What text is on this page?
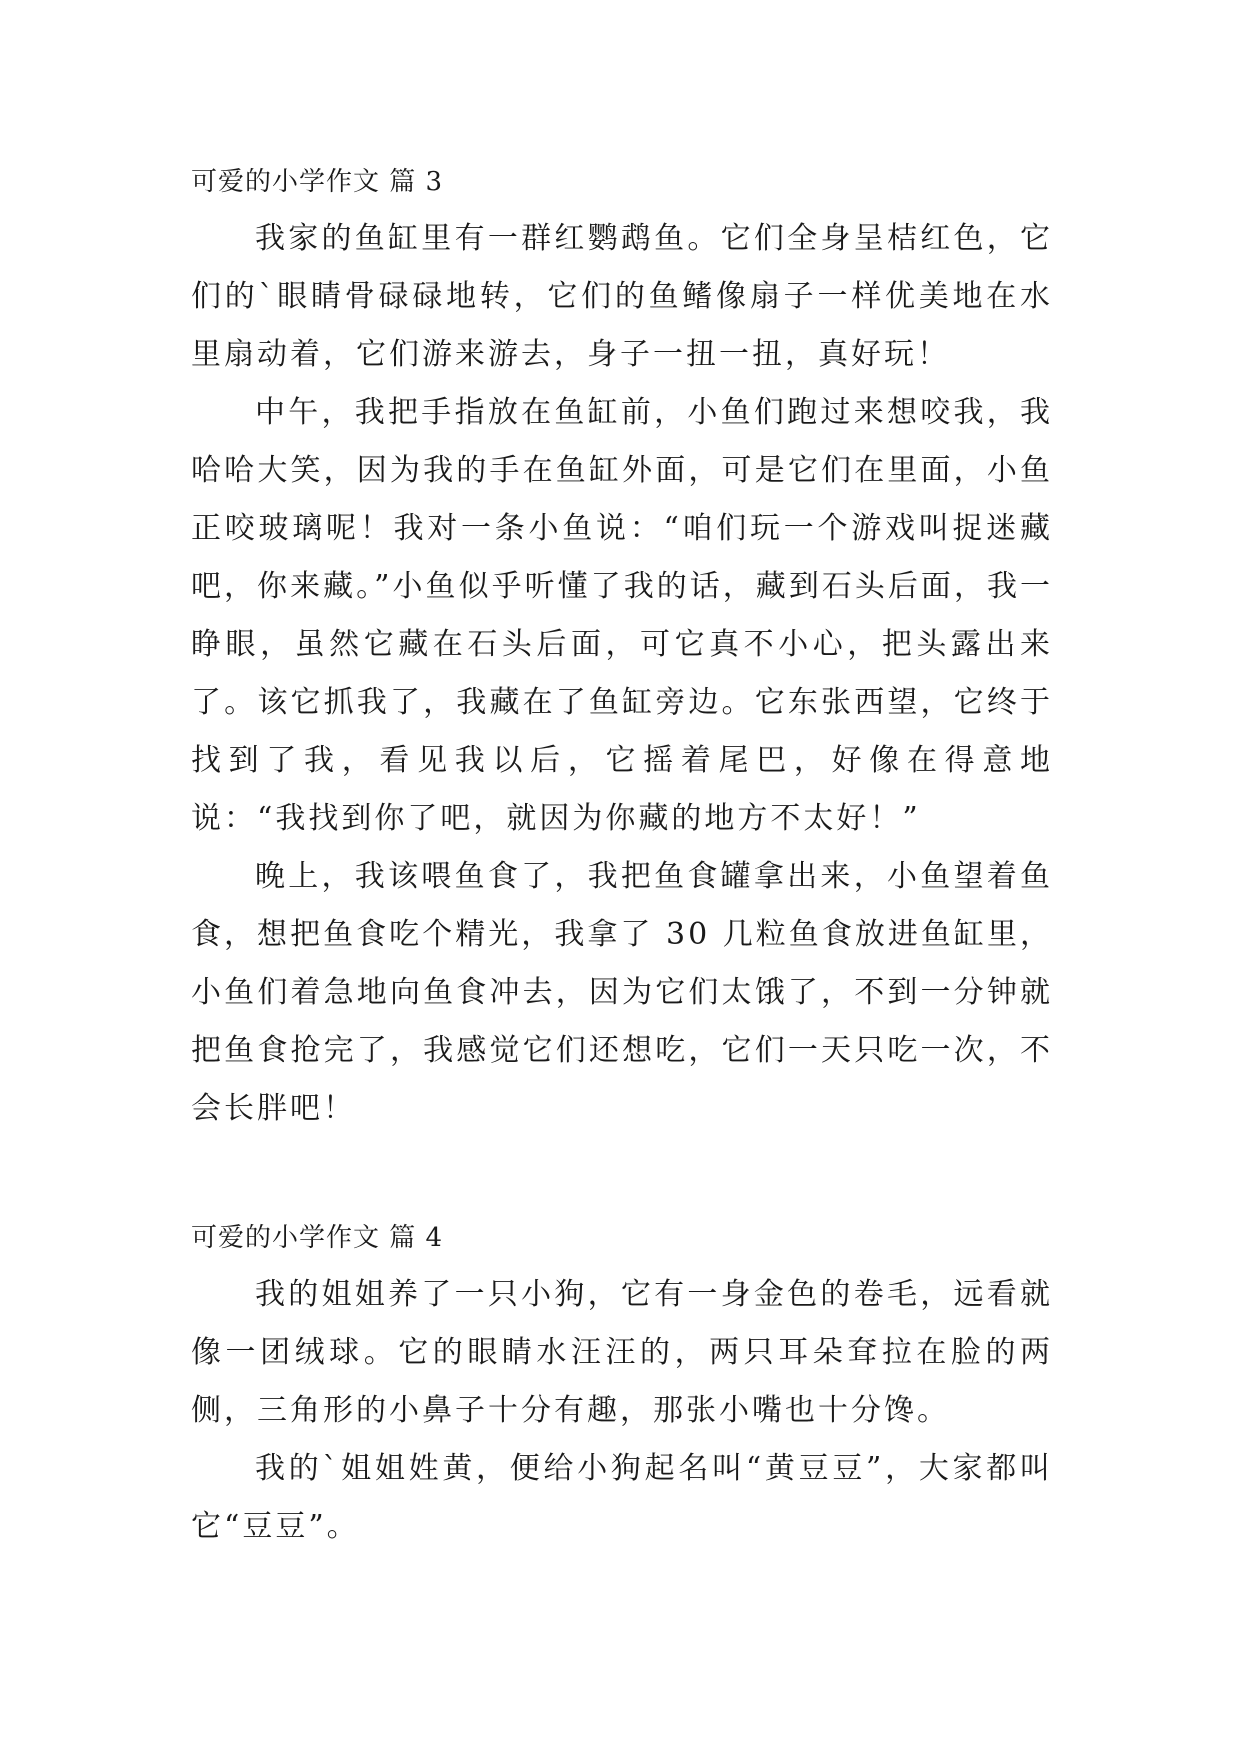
可爱的小学作文 篇 3

我家的鱼缸里有一群红鹦鹉鱼。它们全身呈桔红色，它们的`眼睛骨碌碌地转，它们的鱼鳍像扇子一样优美地在水里扇动着，它们游来游去，身子一扭一扭，真好玩！

中午，我把手指放在鱼缸前，小鱼们跑过来想咬我，我哈哈大笑，因为我的手在鱼缸外面，可是它们在里面，小鱼正咬玻璃呢！我对一条小鱼说：“咱们玩一个游戏叫捉迷藏吧，你来藏。”小鱼似乎听懂了我的话，藏到石头后面，我一睁眼，虽然它藏在石头后面，可它真不小心，把头露出来了。该它抓我了，我藏在了鱼缸旁边。它东张西望，它终于找到了我，看见我以后，它摇着尾巴，好像在得意地说：“我找到你了吧，就因为你藏的地方不太好！”

晚上，我该喂鱼食了，我把鱼食罐拿出来，小鱼望着鱼食，想把鱼食吃个精光，我拿了 30 几粒鱼食放进鱼缸里，小鱼们着急地向鱼食冲去，因为它们太饿了，不到一分钟就把鱼食抢完了，我感觉它们还想吃，它们一天只吃一次，不会长胖吧！

可爱的小学作文 篇 4

我的姐姐养了一只小狗，它有一身金色的卷毛，远看就像一团绒球。它的眼睛水汪汪的，两只耳朵耷拉在脸的两侧，三角形的小鼻子十分有趣，那张小嘴也十分馋。

我的`姐姐姓黄，便给小狗起名叫“黄豆豆”，大家都叫它“豆豆”。
